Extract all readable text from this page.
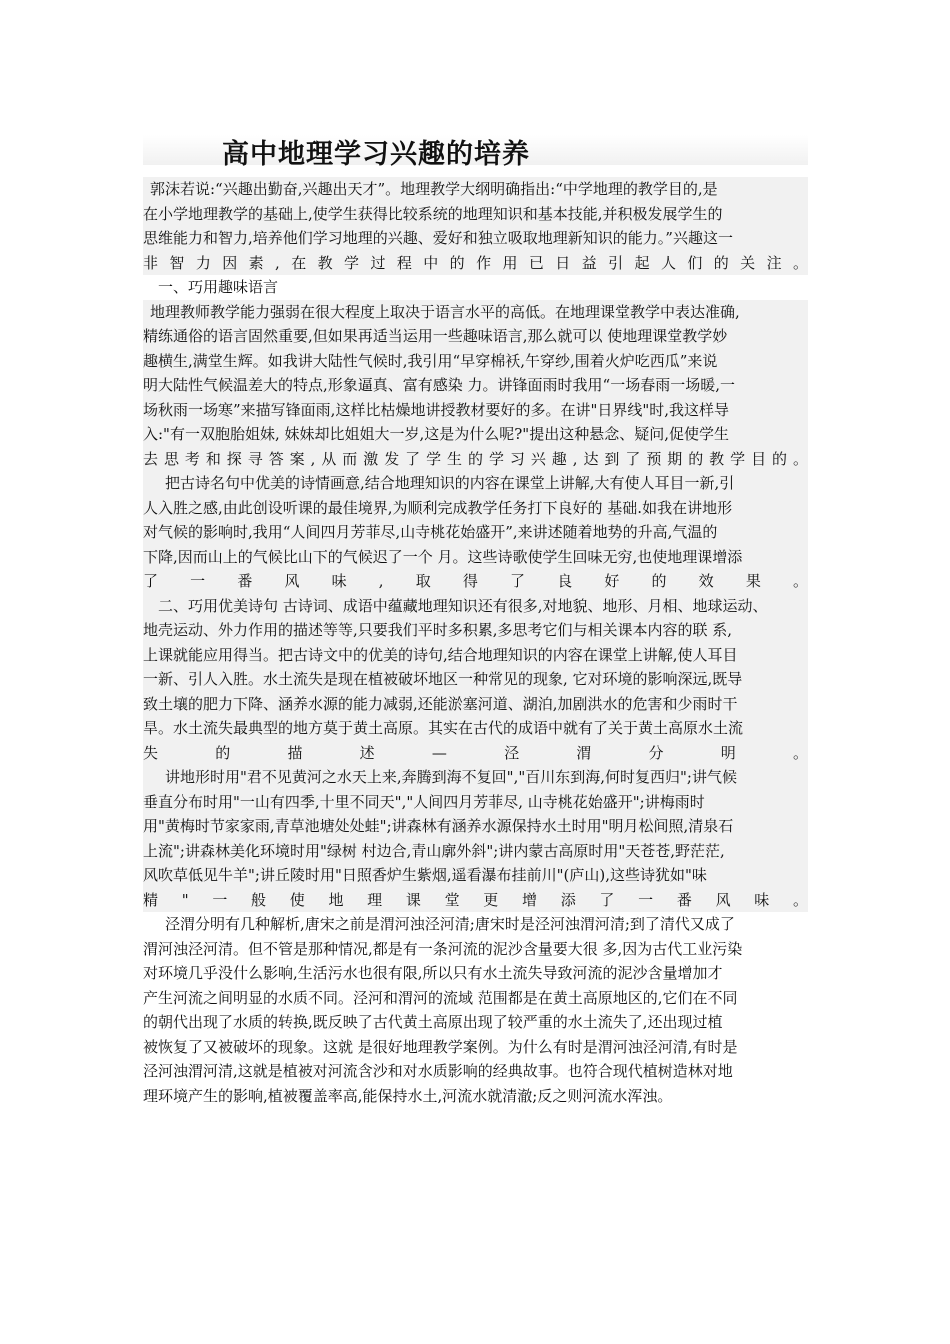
高中地理学习兴趣的培养
郭沫若说:“兴趣出勤奋,兴趣出天才”。地理教学大纲明确指出:“中学地理的教学目的,是
在小学地理教学的基础上,使学生获得比较系统的地理知识和基本技能,并积极发展学生的
思维能力和智力,培养他们学习地理的兴趣、爱好和独立吸取地理新知识的能力。”兴趣这一
非智力因素,在教学过程中的作用已日益引起人们的关注。
一、巧用趣味语言
地理教师教学能力强弱在很大程度上取决于语言水平的高低。在地理课堂教学中表达准确,
精练通俗的语言固然重要,但如果再适当运用一些趣味语言,那么就可以 使地理课堂教学妙
趣横生,满堂生辉。如我讲大陆性气候时,我引用“早穿棉袄,午穿纱,围着火炉吃西瓜”来说
明大陆性气候温差大的特点,形象逼真、富有感染 力。讲锋面雨时我用“一场春雨一场暖,一
场秋雨一场寒”来描写锋面雨,这样比枯燥地讲授教材要好的多。在讲"日界线"时,我这样导
入:"有一双胞胎姐妹, 妹妹却比姐姐大一岁,这是为什么呢?"提出这种悬念、疑问,促使学生
去思考和探寻答案,从而激发了学生的学习兴趣,达到了预期的教学目的。
把古诗名句中优美的诗情画意,结合地理知识的内容在课堂上讲解,大有使人耳目一新,引
人入胜之感,由此创设听课的最佳境界,为顺利完成教学任务打下良好的 基础.如我在讲地形
对气候的影响时,我用“人间四月芳菲尽,山寺桃花始盛开”,来讲述随着地势的升高,气温的
下降,因而山上的气候比山下的气候迟了一个 月。这些诗歌使学生回味无穷,也使地理课增添
了一番风味,取得了良好的效果。
二、巧用优美诗句 古诗词、成语中蕴藏地理知识还有很多,对地貌、地形、月相、地球运动、
地壳运动、外力作用的描述等等,只要我们平时多积累,多思考它们与相关课本内容的联 系,
上课就能应用得当。把古诗文中的优美的诗句,结合地理知识的内容在课堂上讲解,使人耳目
一新、引人入胜。水土流失是现在植被破坏地区一种常见的现象, 它对环境的影响深远,既导
致土壤的肥力下降、涵养水源的能力减弱,还能淤塞河道、湖泊,加剧洪水的危害和少雨时干
旱。水土流失最典型的地方莫于黄土高原。其实在古代的成语中就有了关于黄土高原水土流
失的描述—泾渭分明。
讲地形时用"君不见黄河之水天上来,奔腾到海不复回","百川东到海,何时复西归";讲气候
垂直分布时用"一山有四季,十里不同天","人间四月芳菲尽, 山寺桃花始盛开";讲梅雨时
用"黄梅时节家家雨,青草池塘处处蛙";讲森林有涵养水源保持水土时用"明月松间照,清泉石
上流";讲森林美化环境时用"绿树 村边合,青山廓外斜";讲内蒙古高原时用"天苍苍,野茫茫,
风吹草低见牛羊";讲丘陵时用"日照香炉生紫烟,遥看瀑布挂前川"(庐山),这些诗犹如"味
精"一般使地理课堂更增添了一番风味。
泾渭分明有几种解析,唐宋之前是渭河浊泾河清;唐宋时是泾河浊渭河清;到了清代又成了
渭河浊泾河清。但不管是那种情况,都是有一条河流的泥沙含量要大很 多,因为古代工业污染
对环境几乎没什么影响,生活污水也很有限,所以只有水土流失导致河流的泥沙含量增加才
产生河流之间明显的水质不同。泾河和渭河的流域 范围都是在黄土高原地区的,它们在不同
的朝代出现了水质的转换,既反映了古代黄土高原出现了较严重的水土流失了,还出现过植
被恢复了又被破坏的现象。这就 是很好地理教学案例。为什么有时是渭河浊泾河清,有时是
泾河浊渭河清,这就是植被对河流含沙和对水质影响的经典故事。也符合现代植树造林对地
理环境产生的影响,植被覆盖率高,能保持水土,河流水就清澈;反之则河流水浑浊。
